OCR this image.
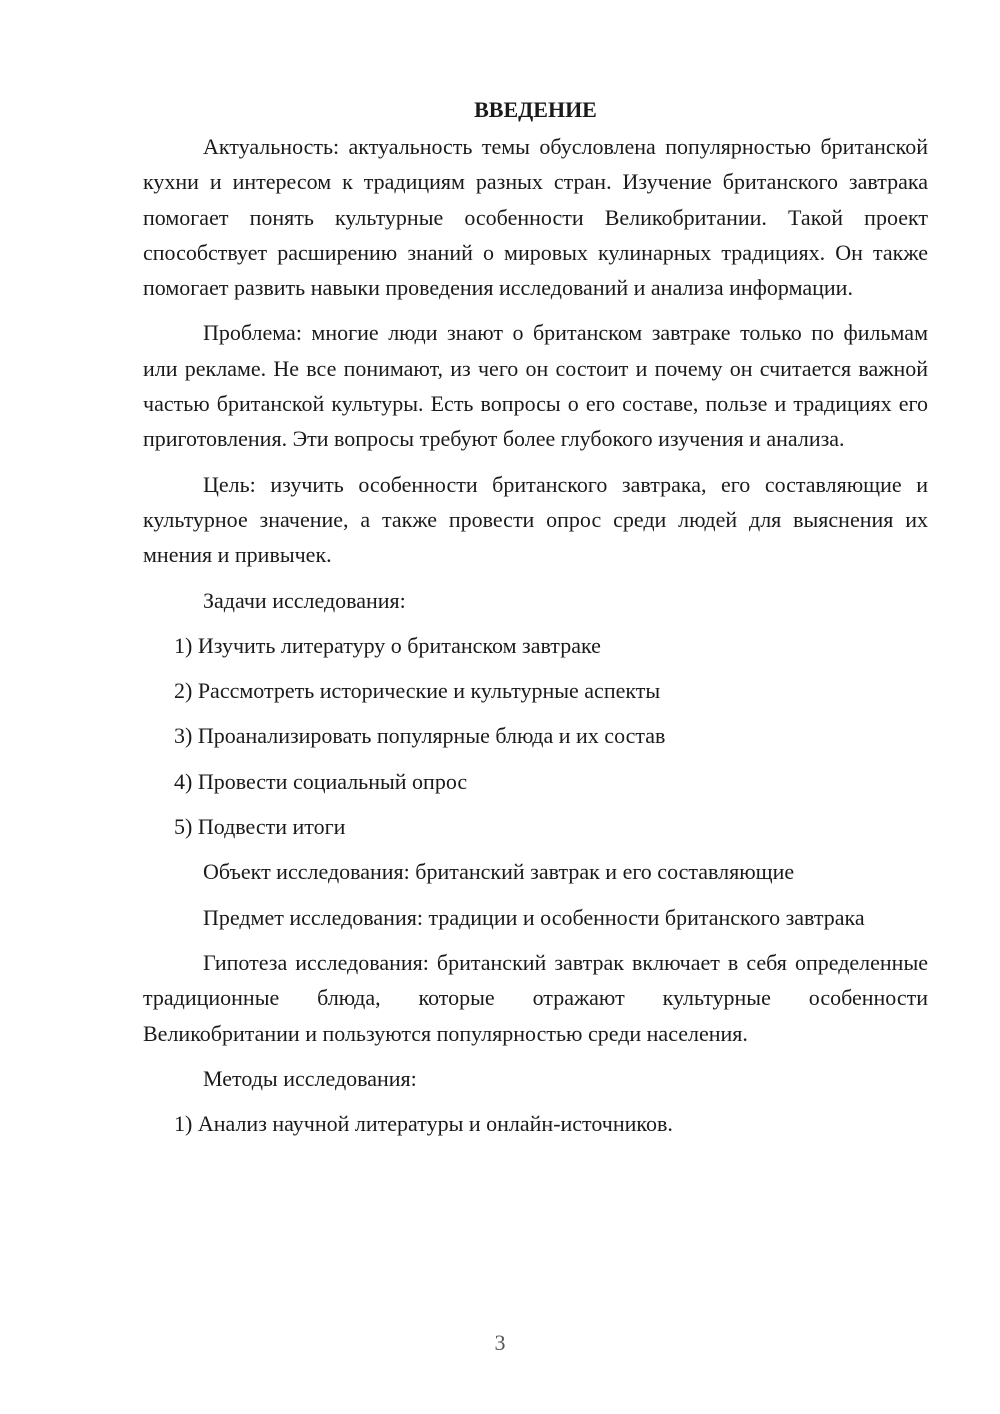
ВВЕДЕНИЕ

Актуальность: актуальность темы обусловлена популярностью британской кухни и интересом к традициям разных стран. Изучение британского завтрака помогает понять культурные особенности Великобритании. Такой проект способствует расширению знаний о мировых кулинарных традициях. Он также помогает развить навыки проведения исследований и анализа информации.

Проблема: многие люди знают о британском завтраке только по фильмам или рекламе. Не все понимают, из чего он состоит и почему он считается важной частью британской культуры. Есть вопросы о его составе, пользе и традициях его приготовления. Эти вопросы требуют более глубокого изучения и анализа.

Цель: изучить особенности британского завтрака, его составляющие и культурное значение, а также провести опрос среди людей для выяснения их мнения и привычек.

Задачи исследования:

1) Изучить литературу о британском завтраке
2) Рассмотреть исторические и культурные аспекты
3) Проанализировать популярные блюда и их состав
4) Провести социальный опрос
5) Подвести итоги

Объект исследования: британский завтрак и его составляющие

Предмет исследования: традиции и особенности британского завтрака

Гипотеза исследования: британский завтрак включает в себя определенные традиционные блюда, которые отражают культурные особенности Великобритании и пользуются популярностью среди населения.

Методы исследования:

1) Анализ научной литературы и онлайн-источников.
3
